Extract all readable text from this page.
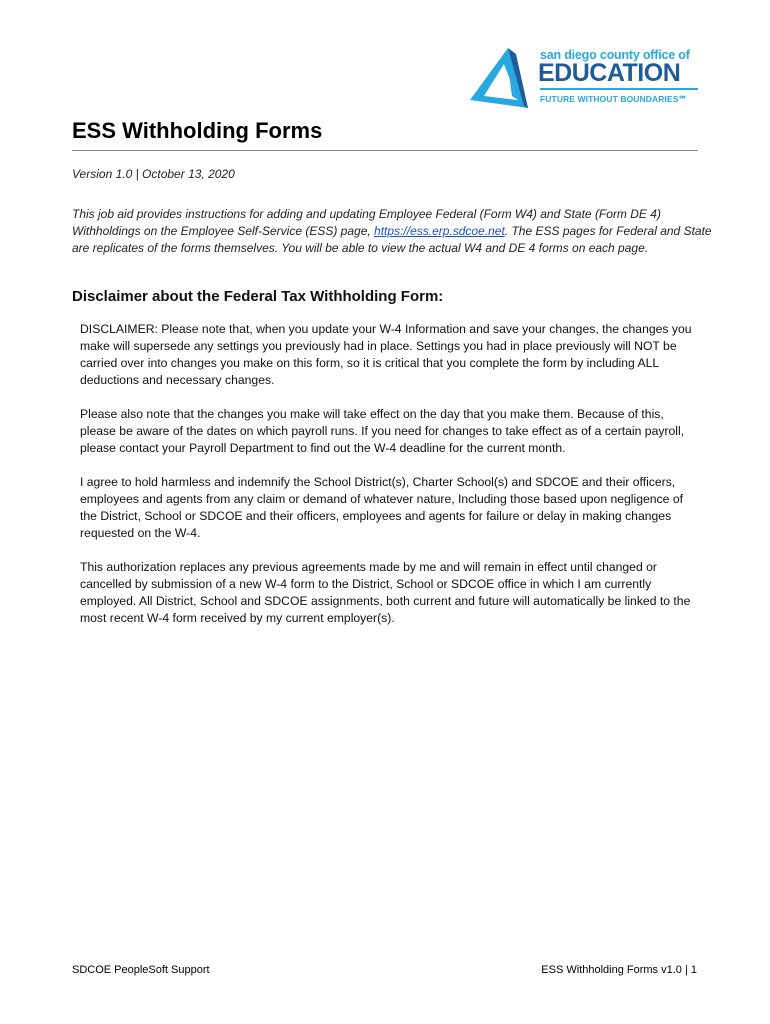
san diego county office of
EDUCATION
FUTURE WITHOUT BOUNDARIES℠
ESS Withholding Forms
Version 1.0 | October 13, 2020
This job aid provides instructions for adding and updating Employee Federal (Form W4) and State (Form DE 4) Withholdings on the Employee Self-Service (ESS) page, https://ess.erp.sdcoe.net. The ESS pages for Federal and State are replicates of the forms themselves. You will be able to view the actual W4 and DE 4 forms on each page.
Disclaimer about the Federal Tax Withholding Form:

DISCLAIMER: Please note that, when you update your W-4 Information and save your changes, the changes you
make will supersede any settings you previously had in place. Settings you had in place previously will NOT be
carried over into changes you make on this form, so it is critical that you complete the form by including ALL
deductions and necessary changes.

Please also note that the changes you make will take effect on the day that you make them. Because of this,
please be aware of the dates on which payroll runs. If you need for changes to take effect as of a certain payroll,
please contact your Payroll Department to find out the W-4 deadline for the current month.

I agree to hold harmless and indemnify the School District(s), Charter School(s) and SDCOE and their officers,
employees and agents from any claim or demand of whatever nature, Including those based upon negligence of
the District, School or SDCOE and their officers, employees and agents for failure or delay in making changes
requested on the W-4.

This authorization replaces any previous agreements made by me and will remain in effect until changed or
cancelled by submission of a new W-4 form to the District, School or SDCOE office in which I am currently
employed. All District, School and SDCOE assignments, both current and future will automatically be linked to the
most recent W-4 form received by my current employer(s).

SDCOE PeopleSoft Support	ESS Withholding Forms v1.0 | 1
